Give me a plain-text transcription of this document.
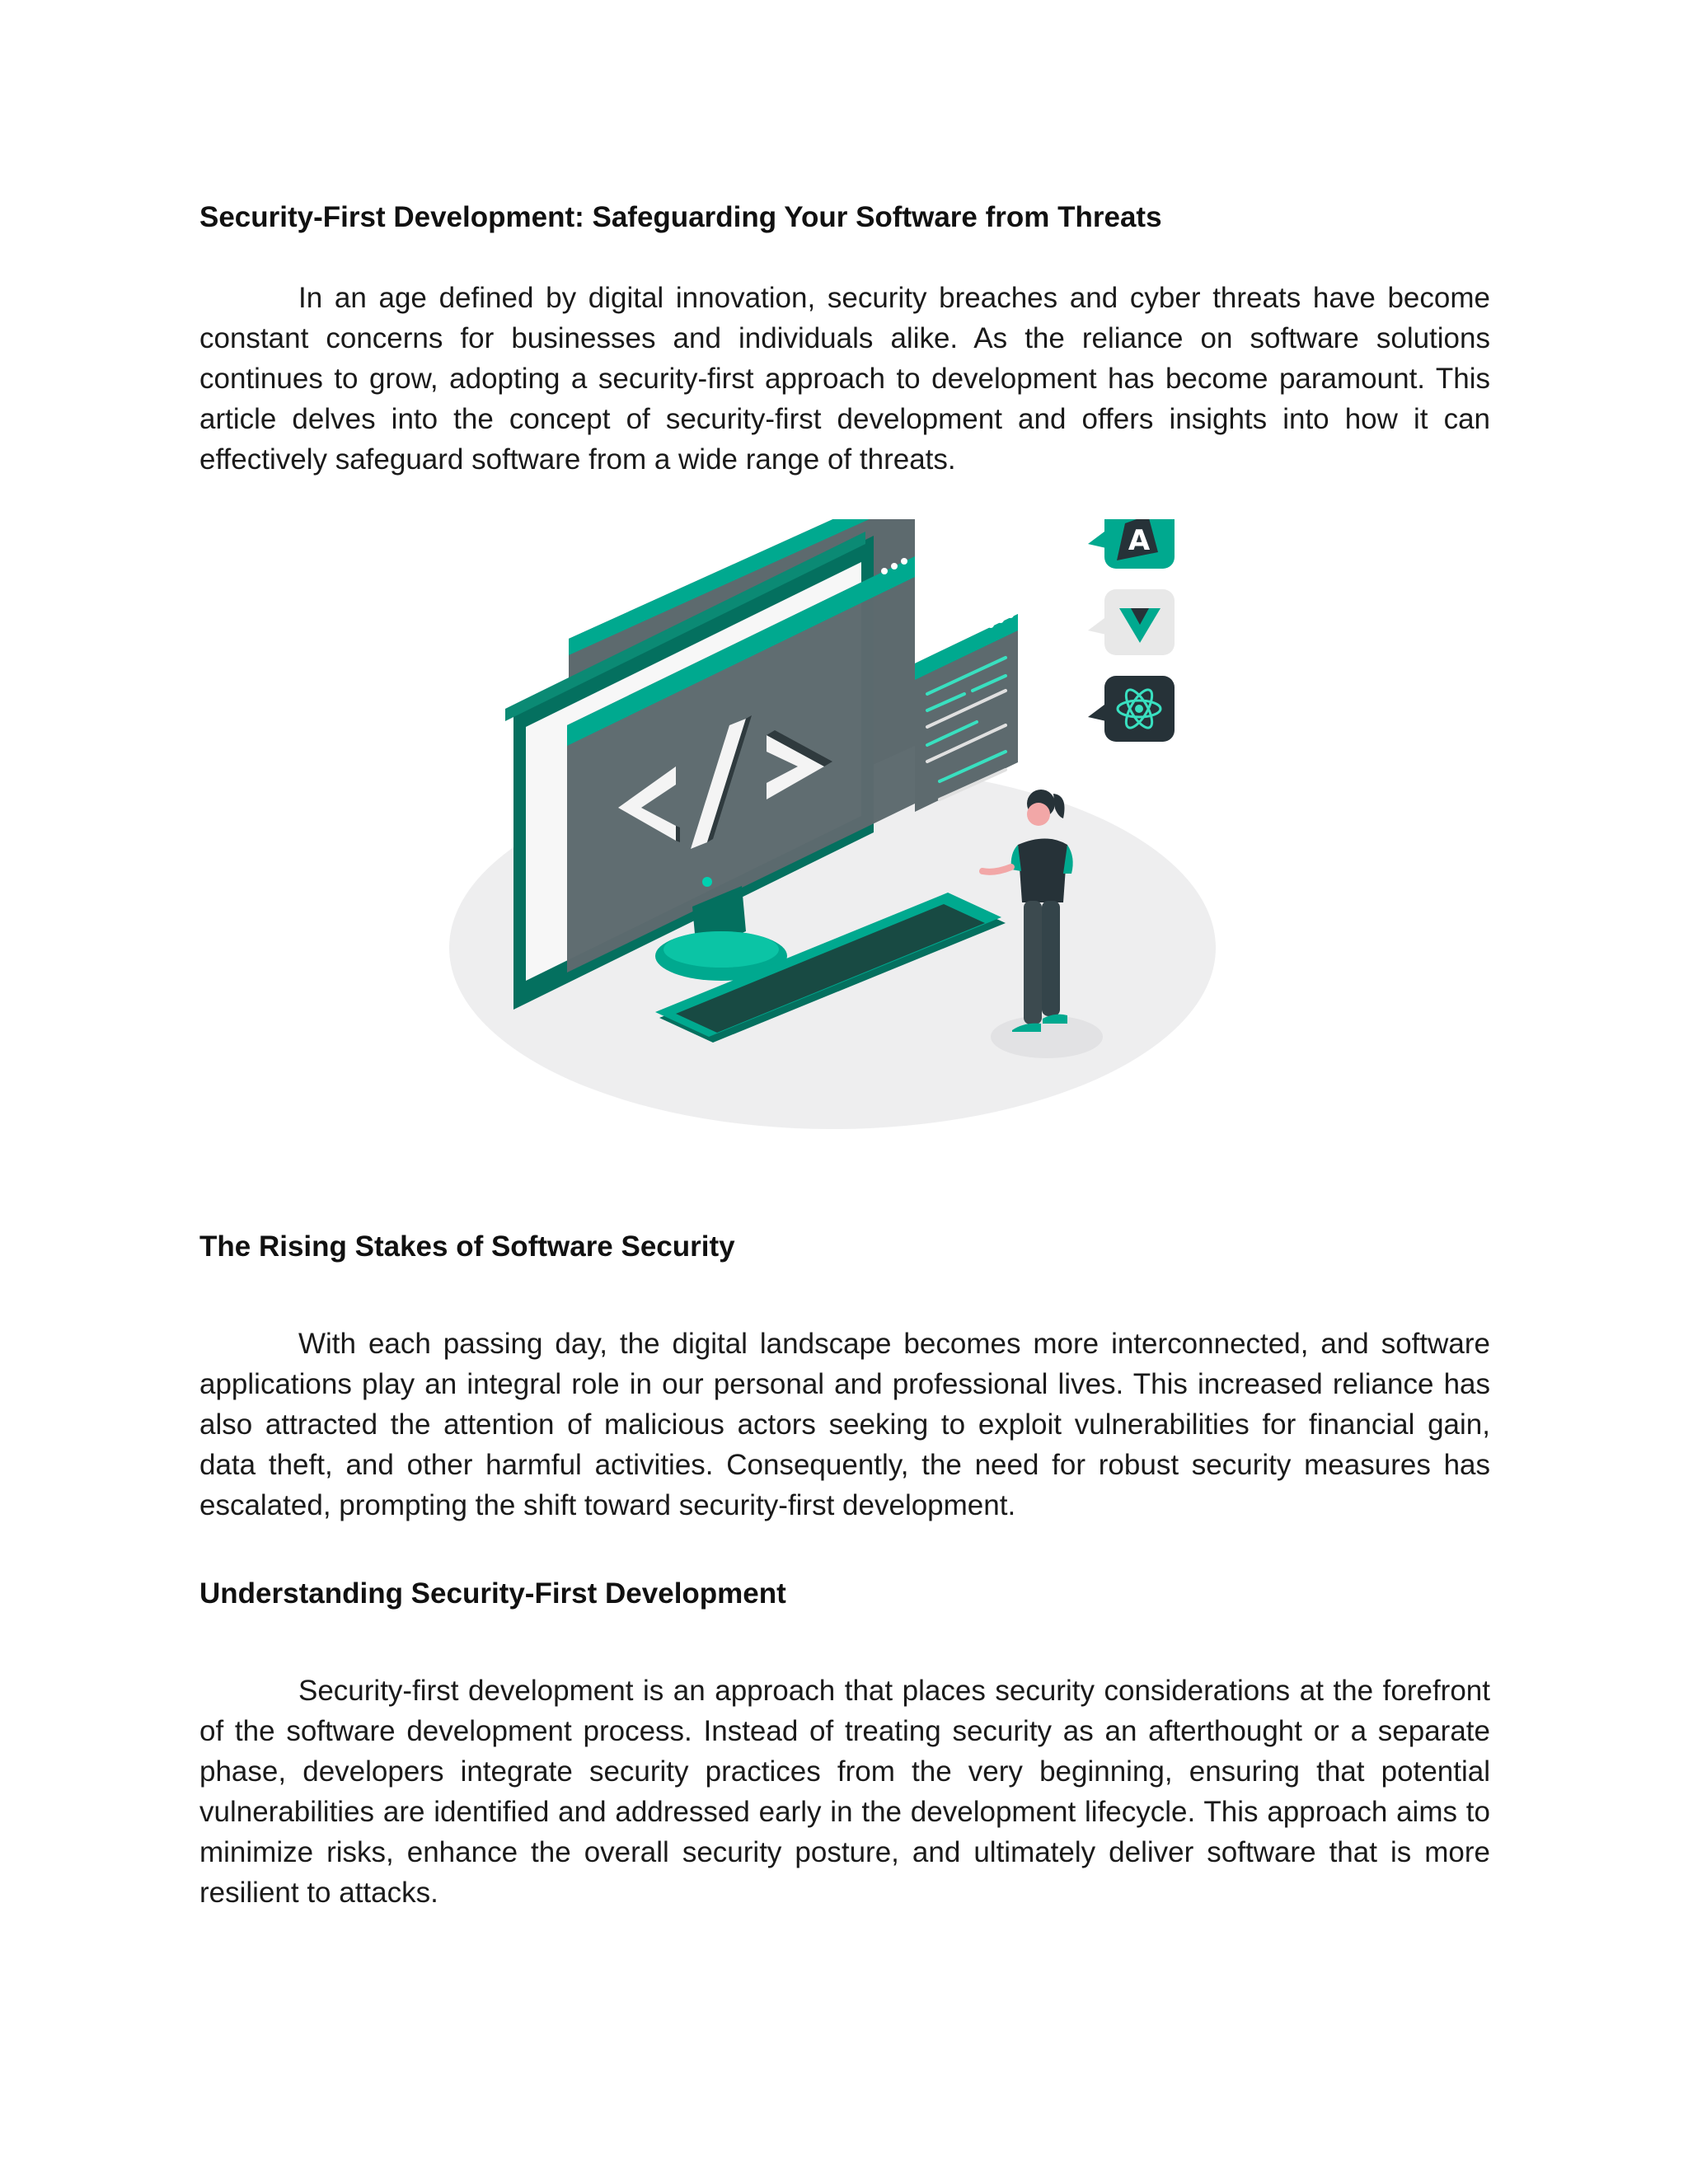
Security-First Development: Safeguarding Your Software from Threats

In an age defined by digital innovation, security breaches and cyber threats have become constant concerns for businesses and individuals alike. As the reliance on software solutions continues to grow, adopting a security-first approach to development has become paramount. This article delves into the concept of security-first development and offers insights into how it can effectively safeguard software from a wide range of threats.

A
The Rising Stakes of Software Security

With each passing day, the digital landscape becomes more interconnected, and software applications play an integral role in our personal and professional lives. This increased reliance has also attracted the attention of malicious actors seeking to exploit vulnerabilities for financial gain, data theft, and other harmful activities. Consequently, the need for robust security measures has escalated, prompting the shift toward security-first development.

Understanding Security-First Development

Security-first development is an approach that places security considerations at the forefront of the software development process. Instead of treating security as an afterthought or a separate phase, developers integrate security practices from the very beginning, ensuring that potential vulnerabilities are identified and addressed early in the development lifecycle. This approach aims to minimize risks, enhance the overall security posture, and ultimately deliver software that is more resilient to attacks.
